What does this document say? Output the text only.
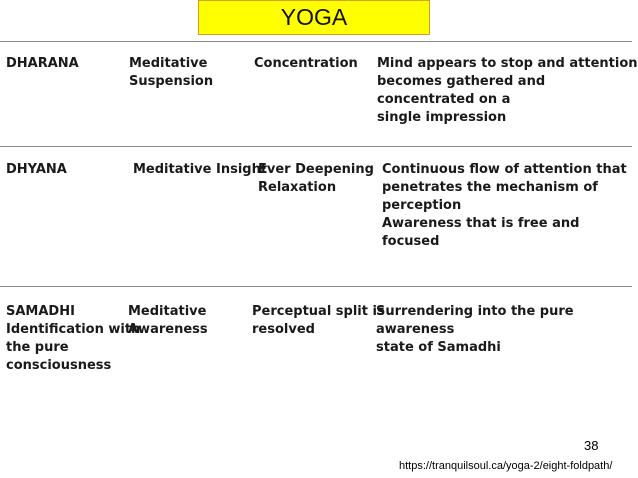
YOGA
DHARANA	Meditative
Suspension
Concentration Mind appears to stop and attention
becomes gathered and concentrated on a
single impression
DHYANA	Meditative Insight
Ever Deepening
Relaxation
Continuous flow of attention that
penetrates the mechanism of perception
Awareness that is free and focused
SAMADHI
Identification with
the pure
consciousness
Meditative
Awareness
Perceptual split is
resolved
Surrendering into the pure awareness
state of Samadhi
38
https://tranquilsoul.ca/yoga-2/eight-foldpath/
